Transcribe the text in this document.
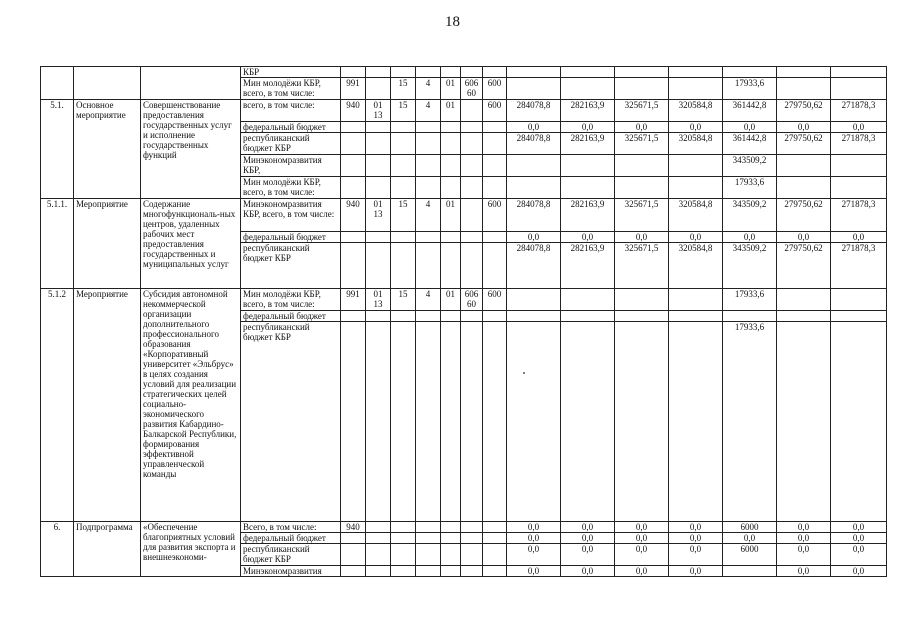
18
			КБР														
			Мин молодёжи КБР, всего, в том числе:	991		15	4	01	606 60	600					17933,6		
5.1.	Основное мероприятие	Совершенствование предоставления государственных услуг и исполнение государственных функций	всего, в том числе:	940	01 13	15	4	01		600	284078,8	282163,9	325671,5	320584,8	361442,8	279750,62	271878,3
			федеральный бюджет								0,0	0,0	0,0	0,0	0,0	0,0	0,0
			республиканский бюджет КБР								284078,8	282163,9	325671,5	320584,8	361442,8	279750,62	271878,3
			Минэкономразвития КБР,												343509,2		
			Мин молодёжи КБР, всего, в том числе:												17933,6		
5.1.1.	Мероприятие	Содержание многофункциональ-ных центров, удаленных рабочих мест предоставления государственных и муниципальных услуг	Минэкономразвития КБР, всего, в том числе:	940	01 13	15	4	01		600	284078,8	282163,9	325671,5	320584,8	343509,2	279750,62	271878,3
			федеральный бюджет								0,0	0,0	0,0	0,0	0,0	0,0	0,0
			республиканский бюджет КБР								284078,8	282163,9	325671,5	320584,8	343509,2	279750,62	271878,3
5.1.2	Мероприятие	Субсидия автономной некоммерческой организации дополнительного профессионального образования «Корпоративный университет «Эльбрус» в целях создания условий для реализации стратегических целей социально-экономического развития Кабардино-Балкарской Республики, формирования эффективной управленческой команды	Мин молодёжи КБР, всего, в том числе:	991	01 13	15	4	01	606 60	600					17933,6		
			федеральный бюджет														
			республиканский бюджет КБР												17933,6		
6.	Подпрограмма	«Обеспечение благоприятных условий для развития экспорта и внешнеэкономи-	Всего, в том числе:	940							0,0	0,0	0,0	0,0	6000	0,0	0,0
			федеральный бюджет								0,0	0,0	0,0	0,0	0,0	0,0	0,0
			республиканский бюджет КБР								0,0	0,0	0,0	0,0	6000	0,0	0,0
			Минэкономразвития								0,0	0,0	0,0	0,0		0,0	0,0
